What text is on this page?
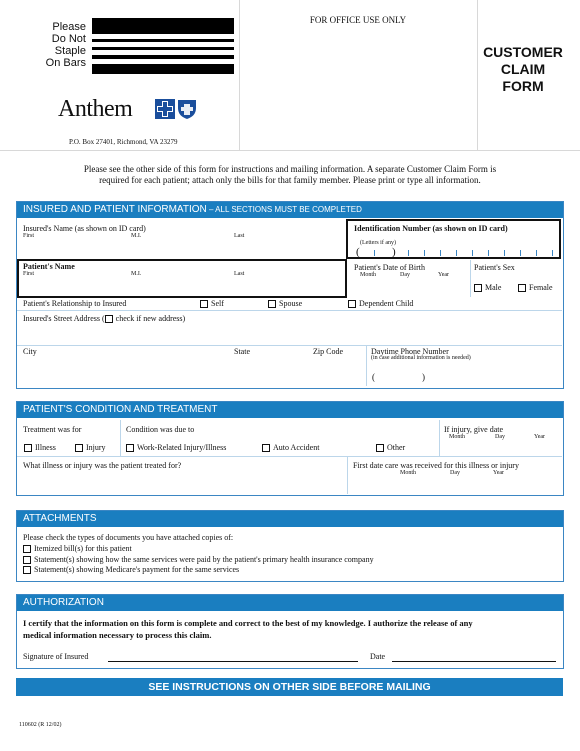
Please
Do Not
Staple
On Bars
Anthem
P.O. Box 27401, Richmond, VA 23279
FOR OFFICE USE ONLY
CUSTOMER
CLAIM
FORM
Please see the other side of this form for instructions and mailing information. A separate Customer Claim Form is
required for each patient; attach only the bills for that family member. Please print or type all information.
INSURED AND PATIENT INFORMATION – ALL SECTIONS MUST BE COMPLETED
Insured's Name (as shown on ID card)
First	M.I.	Last
Identification Number (as shown on ID card)
(Letters if any)
(	)
Patient's Name
First	M.I.	Last
Patient's Date of Birth
Month	Day	Year
Patient's Sex
Male	Female
Patient's Relationship to Insured	Self	Spouse	Dependent Child
Insured's Street Address ( check if new address)
City	State	Zip Code	Daytime Phone Number
(in case additional information is needed)
(	)
PATIENT'S CONDITION AND TREATMENT
Treatment was for
Illness	Injury
Condition was due to
Work-Related Injury/Illness	Auto Accident	Other
If injury, give date
Month	Day	Year
What illness or injury was the patient treated for?	First date care was received for this illness or injury
Month	Day	Year
ATTACHMENTS
Please check the types of documents you have attached copies of:
Itemized bill(s) for this patient
Statement(s) showing how the same services were paid by the patient's primary health insurance company
Statement(s) showing Medicare's payment for the same services
AUTHORIZATION
I certify that the information on this form is complete and correct to the best of my knowledge. I authorize the release of any
medical information necessary to process this claim.
Signature of Insured	Date
SEE INSTRUCTIONS ON OTHER SIDE BEFORE MAILING
110602 (R 12/02)
